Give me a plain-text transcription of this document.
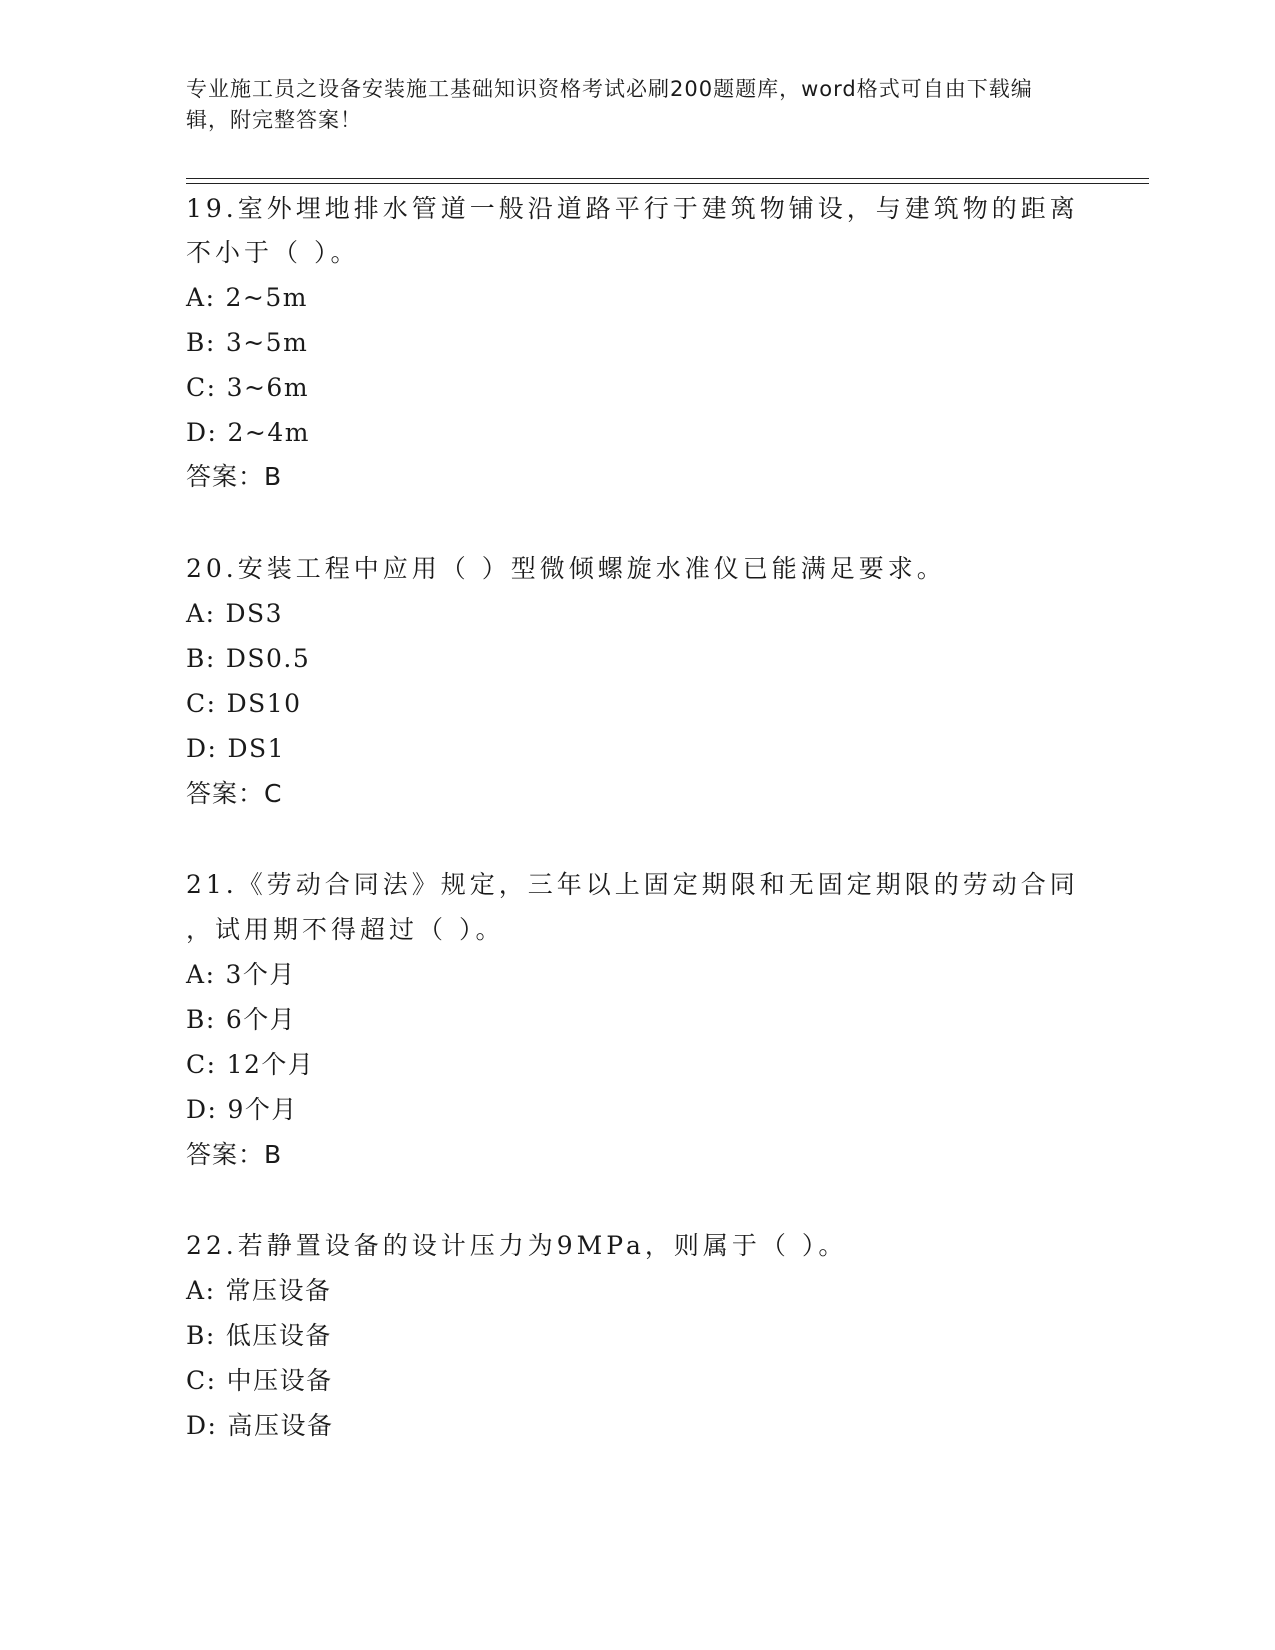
专业施工员之设备安装施工基础知识资格考试必刷200题题库，word格式可自由下载编辑，附完整答案！

19.室外埋地排水管道一般沿道路平行于建筑物铺设，与建筑物的距离

不小于（ ）。

A: 2~5m

B: 3~5m

C: 3~6m

D: 2~4m

答案：B

20.安装工程中应用（ ）型微倾螺旋水准仪已能满足要求。

A: DS3

B: DS0.5

C: DS10

D: DS1

答案：C

21.《劳动合同法》规定，三年以上固定期限和无固定期限的劳动合同

，试用期不得超过（ ）。

A: 3个月

B: 6个月

C: 12个月

D: 9个月

答案：B

22.若静置设备的设计压力为9MPa，则属于（ ）。

A: 常压设备

B: 低压设备

C: 中压设备

D: 高压设备
